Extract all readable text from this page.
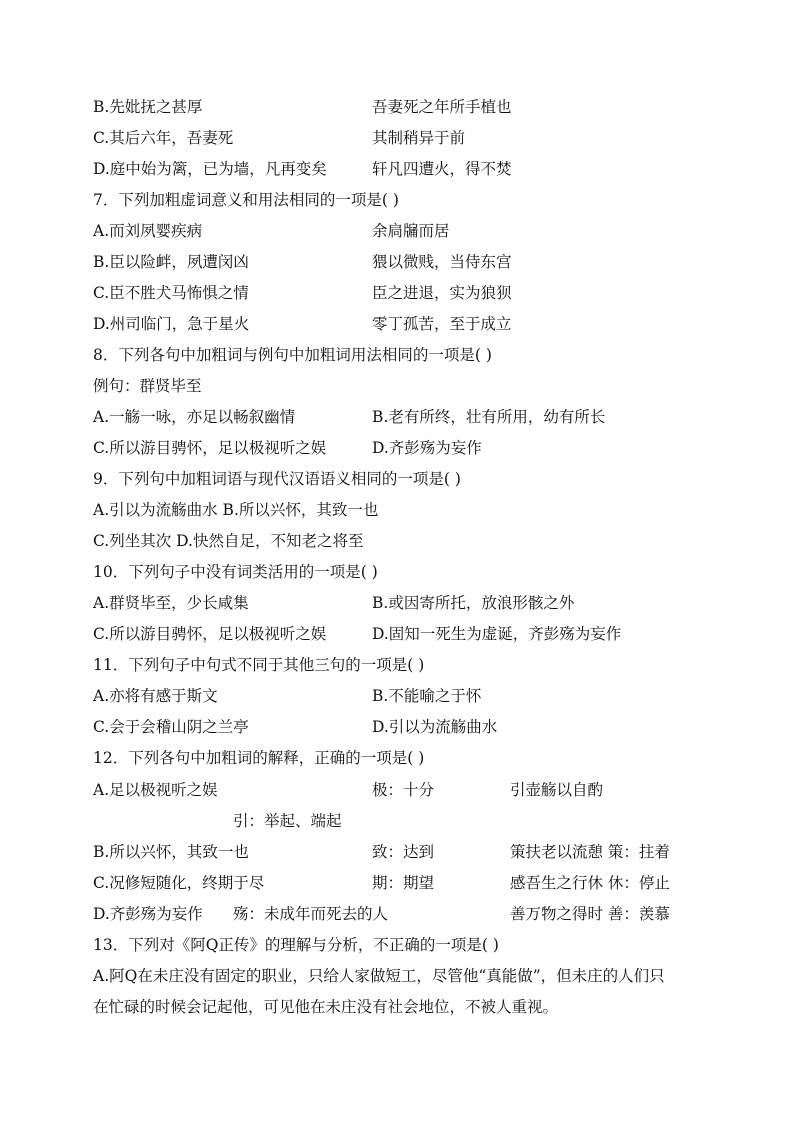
B.先妣抚之甚厚	吾妻死之年所手植也
C.其后六年，吾妻死	其制稍异于前
D.庭中始为篱，已为墙，凡再变矣	轩凡四遭火，得不焚
7．下列加粗虚词意义和用法相同的一项是( )
A.而刘夙婴疾病	余扃牖而居
B.臣以险衅，夙遭闵凶	猥以微贱，当侍东宫
C.臣不胜犬马怖惧之情	臣之进退，实为狼狈
D.州司临门，急于星火	零丁孤苦，至于成立
8．下列各句中加粗词与例句中加粗词用法相同的一项是( )
例句：群贤毕至
A.一觞一咏，亦足以畅叙幽情	B.老有所终，壮有所用，幼有所长
C.所以游目骋怀，足以极视听之娱	D.齐彭殇为妄作
9．下列句中加粗词语与现代汉语语义相同的一项是( )
A.引以为流觞曲水 B.所以兴怀，其致一也
C.列坐其次 D.快然自足，不知老之将至
10．下列句子中没有词类活用的一项是( )
A.群贤毕至，少长咸集	B.或因寄所托，放浪形骸之外
C.所以游目骋怀，足以极视听之娱	D.固知一死生为虚诞，齐彭殇为妄作
11．下列句子中句式不同于其他三句的一项是( )
A.亦将有感于斯文	B.不能喻之于怀
C.会于会稽山阴之兰亭	D.引以为流觞曲水
12．下列各句中加粗词的解释，正确的一项是( )
A.足以极视听之娱	极：十分	引壶觞以自酌
引：举起、端起
B.所以兴怀，其致一也	致：达到	策扶老以流憩 策：拄着
C.况修短随化，终期于尽	期：期望	感吾生之行休 休：停止
D.齐彭殇为妄作 殇：未成年而死去的人	善万物之得时 善：羡慕
13．下列对《阿Q正传》的理解与分析，不正确的一项是( )
A.阿Q在未庄没有固定的职业，只给人家做短工，尽管他“真能做”，但未庄的人们只
在忙碌的时候会记起他，可见他在未庄没有社会地位，不被人重视。
